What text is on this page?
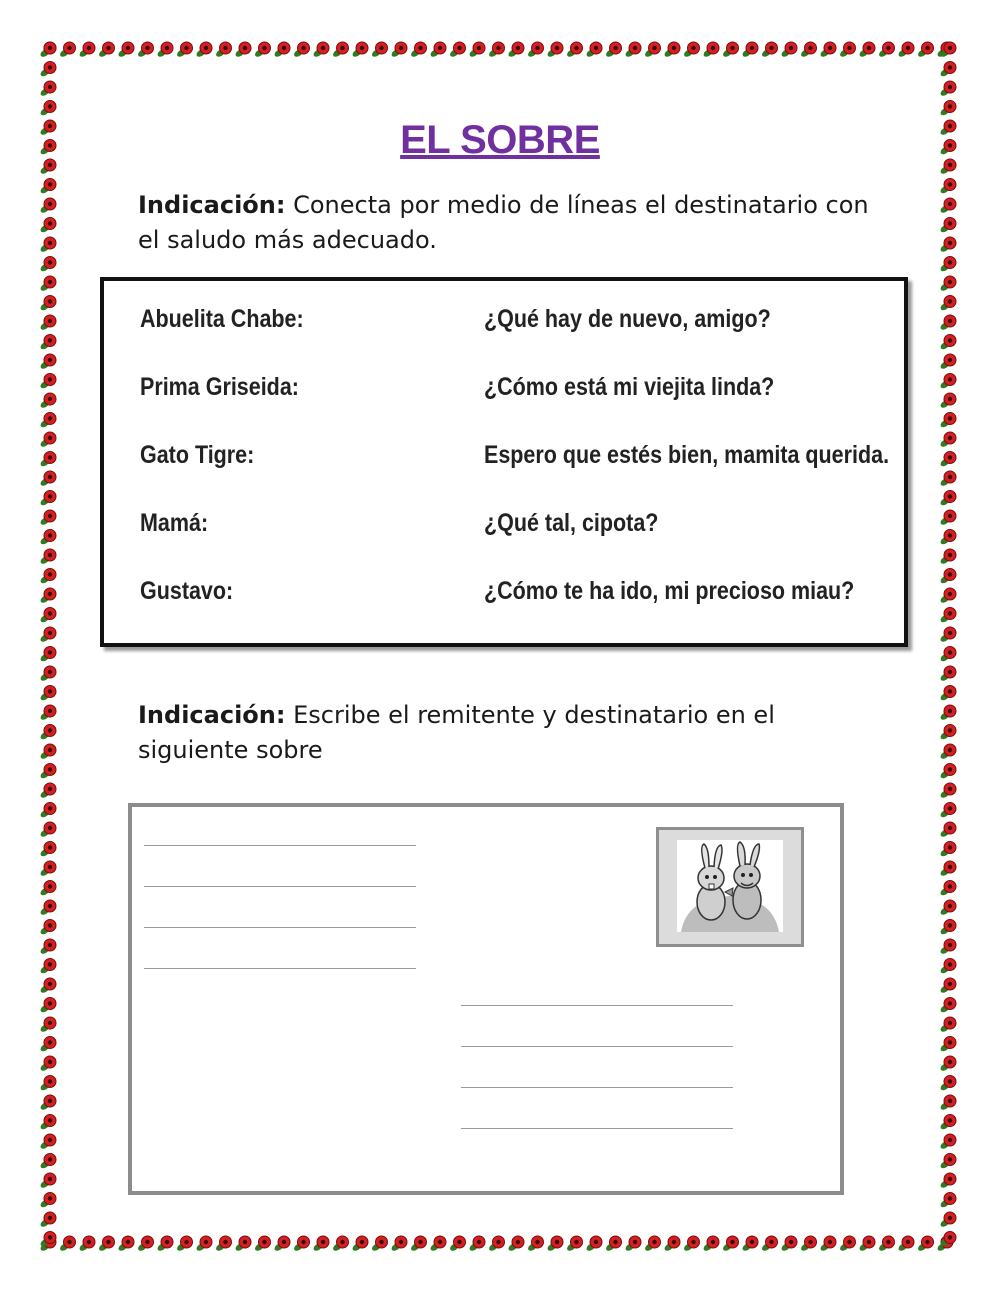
EL SOBRE
Indicación: Conecta por medio de líneas el destinatario con el saludo más adecuado.
Abuelita Chabe:	¿Qué hay de nuevo, amigo?
Prima Griseida:	¿Cómo está mi viejita linda?
Gato Tigre:	Espero que estés bien, mamita querida.
Mamá:	¿Qué tal, cipota?
Gustavo:	¿Cómo te ha ido, mi precioso miau?
Indicación: Escribe el remitente y destinatario en el siguiente sobre
